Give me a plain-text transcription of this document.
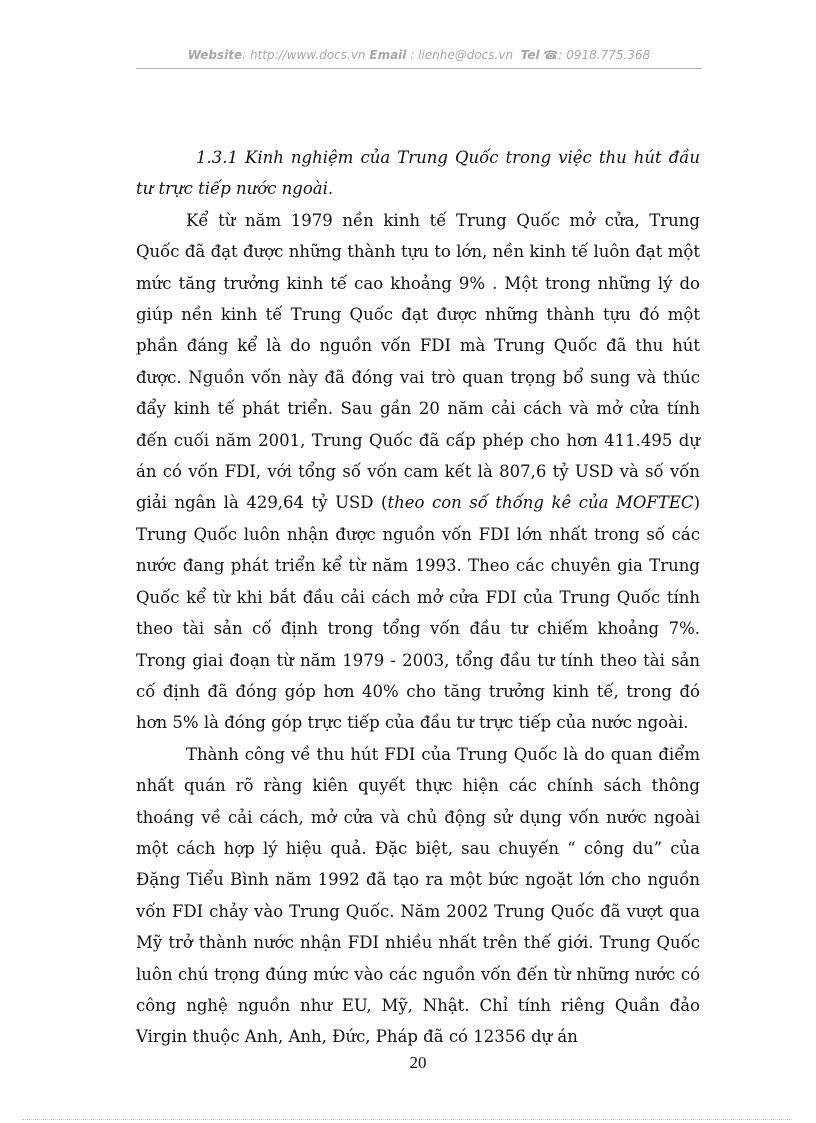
Website: http://www.docs.vn Email : lienhe@docs.vn Tel ☎: 0918.775.368

1.3.1 Kinh nghiệm của Trung Quốc trong việc thu hút đầu tư trực tiếp nước ngoài.

Kể từ năm 1979 nền kinh tế Trung Quốc mở cửa, Trung Quốc đã đạt được những thành tựu to lớn, nền kinh tế luôn đạt một mức tăng trưởng kinh tế cao khoảng 9% . Một trong những lý do giúp nền kinh tế Trung Quốc đạt được những thành tựu đó một phần đáng kể là do nguồn vốn FDI mà Trung Quốc đã thu hút được. Nguồn vốn này đã đóng vai trò quan trọng bổ sung và thúc đẩy kinh tế phát triển. Sau gần 20 năm cải cách và mở cửa tính đến cuối năm 2001, Trung Quốc đã cấp phép cho hơn 411.495 dự án có vốn FDI, với tổng số vốn cam kết là 807,6 tỷ USD và số vốn giải ngân là 429,64 tỷ USD (theo con số thống kê của MOFTEC) Trung Quốc luôn nhận được nguồn vốn FDI lớn nhất trong số các nước đang phát triển kể từ năm 1993. Theo các chuyên gia Trung Quốc kể từ khi bắt đầu cải cách mở cửa FDI của Trung Quốc tính theo tài sản cố định trong tổng vốn đầu tư chiếm khoảng 7%. Trong giai đoạn từ năm 1979 - 2003, tổng đầu tư tính theo tài sản cố định đã đóng góp hơn 40% cho tăng trưởng kinh tế, trong đó hơn 5% là đóng góp trực tiếp của đầu tư trực tiếp của nước ngoài.

Thành công về thu hút FDI của Trung Quốc là do quan điểm nhất quán rõ ràng kiên quyết thực hiện các chính sách thông thoáng về cải cách, mở cửa và chủ động sử dụng vốn nước ngoài một cách hợp lý hiệu quả. Đặc biệt, sau chuyến “ công du” của Đặng Tiểu Bình năm 1992 đã tạo ra một bức ngoặt lớn cho nguồn vốn FDI chảy vào Trung Quốc. Năm 2002 Trung Quốc đã vượt qua Mỹ trở thành nước nhận FDI nhiều nhất trên thế giới. Trung Quốc luôn chú trọng đúng mức vào các nguồn vốn đến từ những nước có công nghệ nguồn như EU, Mỹ, Nhật. Chỉ tính riêng Quần đảo Virgin thuộc Anh, Anh, Đức, Pháp đã có 12356 dự án

20
